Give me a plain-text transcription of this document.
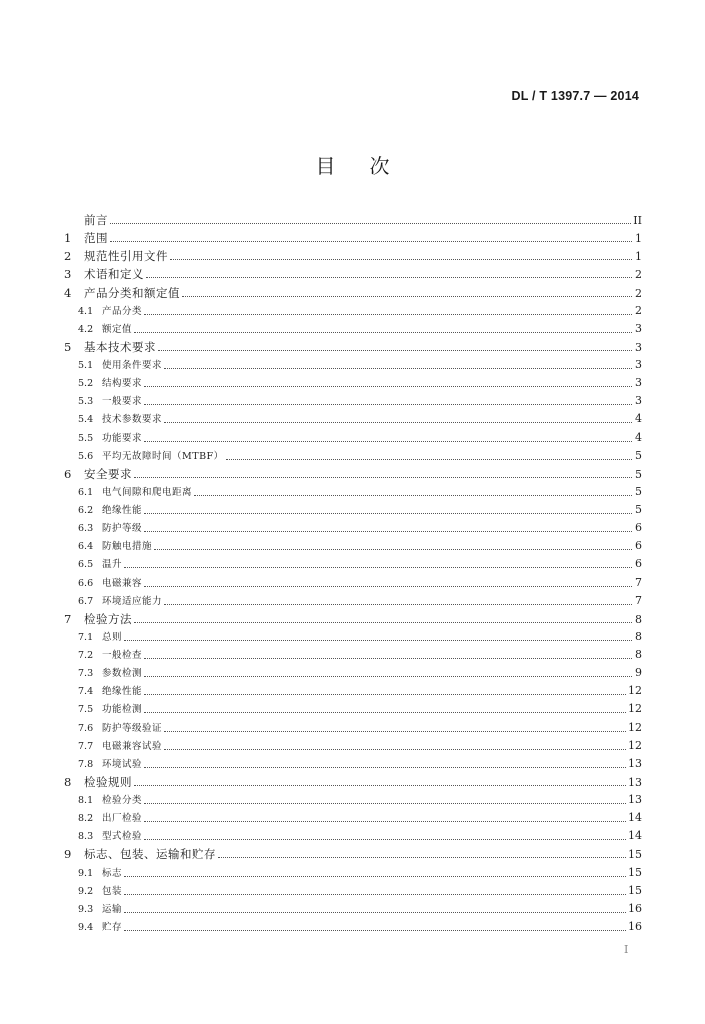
DL / T 1397.7 — 2014
目次
前言	II
1	范围	1
2	规范性引用文件	1
3	术语和定义	2
4	产品分类和额定值	2
4.1 产品分类	2
4.2 额定值	3
5	基本技术要求	3
5.1 使用条件要求	3
5.2 结构要求	3
5.3 一般要求	3
5.4 技术参数要求	4
5.5 功能要求	4
5.6 平均无故障时间（MTBF）	5
6	安全要求	5
6.1 电气间隙和爬电距离	5
6.2 绝缘性能	5
6.3 防护等级	6
6.4 防触电措施	6
6.5 温升	6
6.6 电磁兼容	7
6.7 环境适应能力	7
7	检验方法	8
7.1 总则	8
7.2 一般检查	8
7.3 参数检测	9
7.4 绝缘性能	12
7.5 功能检测	12
7.6 防护等级验证	12
7.7 电磁兼容试验	12
7.8 环境试验	13
8	检验规则	13
8.1 检验分类	13
8.2 出厂检验	14
8.3 型式检验	14
9	标志、包装、运输和贮存	15
9.1 标志	15
9.2 包装	15
9.3 运输	16
9.4 贮存	16
I
